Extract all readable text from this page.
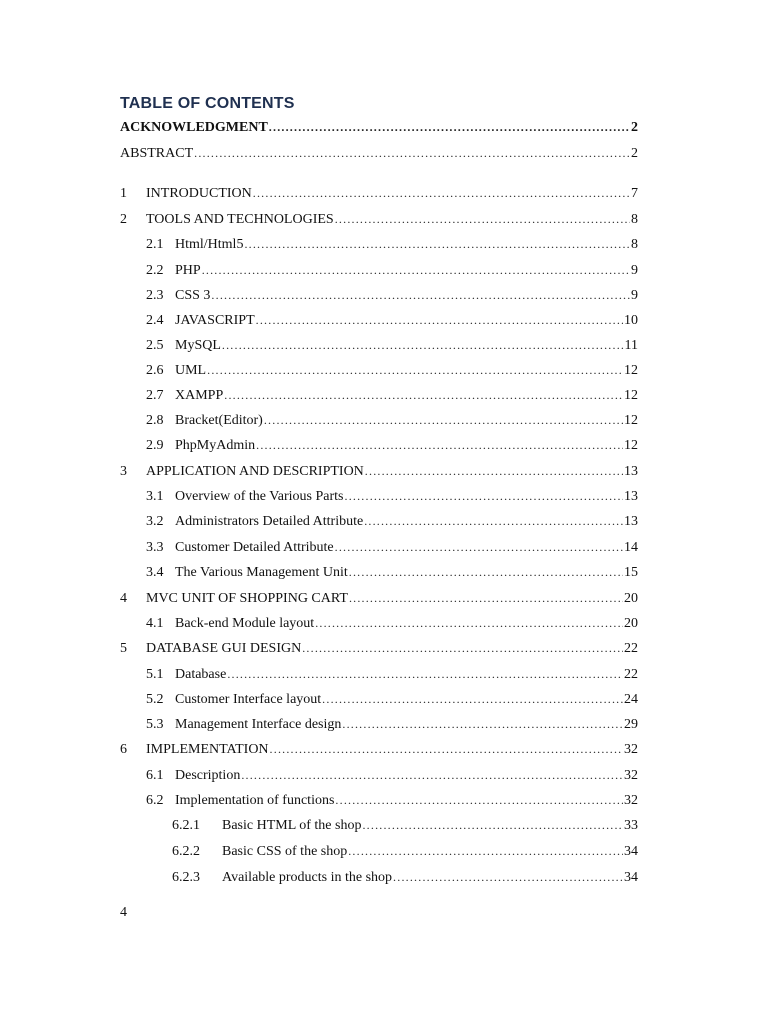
TABLE OF CONTENTS
ACKNOWLEDGMENT .....	2
ABSTRACT .....	2
1	INTRODUCTION .....	7
2	TOOLS AND TECHNOLOGIES .....	8
2.1 Html/Html5 .....	8
2.2 PHP .....	9
2.3 CSS 3 .....	9
2.4 JAVASCRIPT .....	10
2.5 MySQL .....	11
2.6 UML .....	12
2.7 XAMPP .....	12
2.8 Bracket(Editor) .....	12
2.9 PhpMyAdmin .....	12
3	APPLICATION AND DESCRIPTION .....	13
3.1 Overview of the Various Parts .....	13
3.2 Administrators Detailed Attribute .....	13
3.3 Customer Detailed Attribute .....	14
3.4 The Various Management Unit .....	15
4	MVC UNIT OF SHOPPING CART .....	20
4.1 Back-end Module layout .....	20
5	DATABASE GUI DESIGN .....	22
5.1 Database .....	22
5.2 Customer Interface layout .....	24
5.3 Management Interface design .....	29
6	IMPLEMENTATION .....	32
6.1 Description .....	32
6.2 Implementation of functions .....	32
6.2.1	Basic HTML of the shop .....	33
6.2.2	Basic CSS of the shop .....	34
6.2.3	Available products in the shop .....	34
4
